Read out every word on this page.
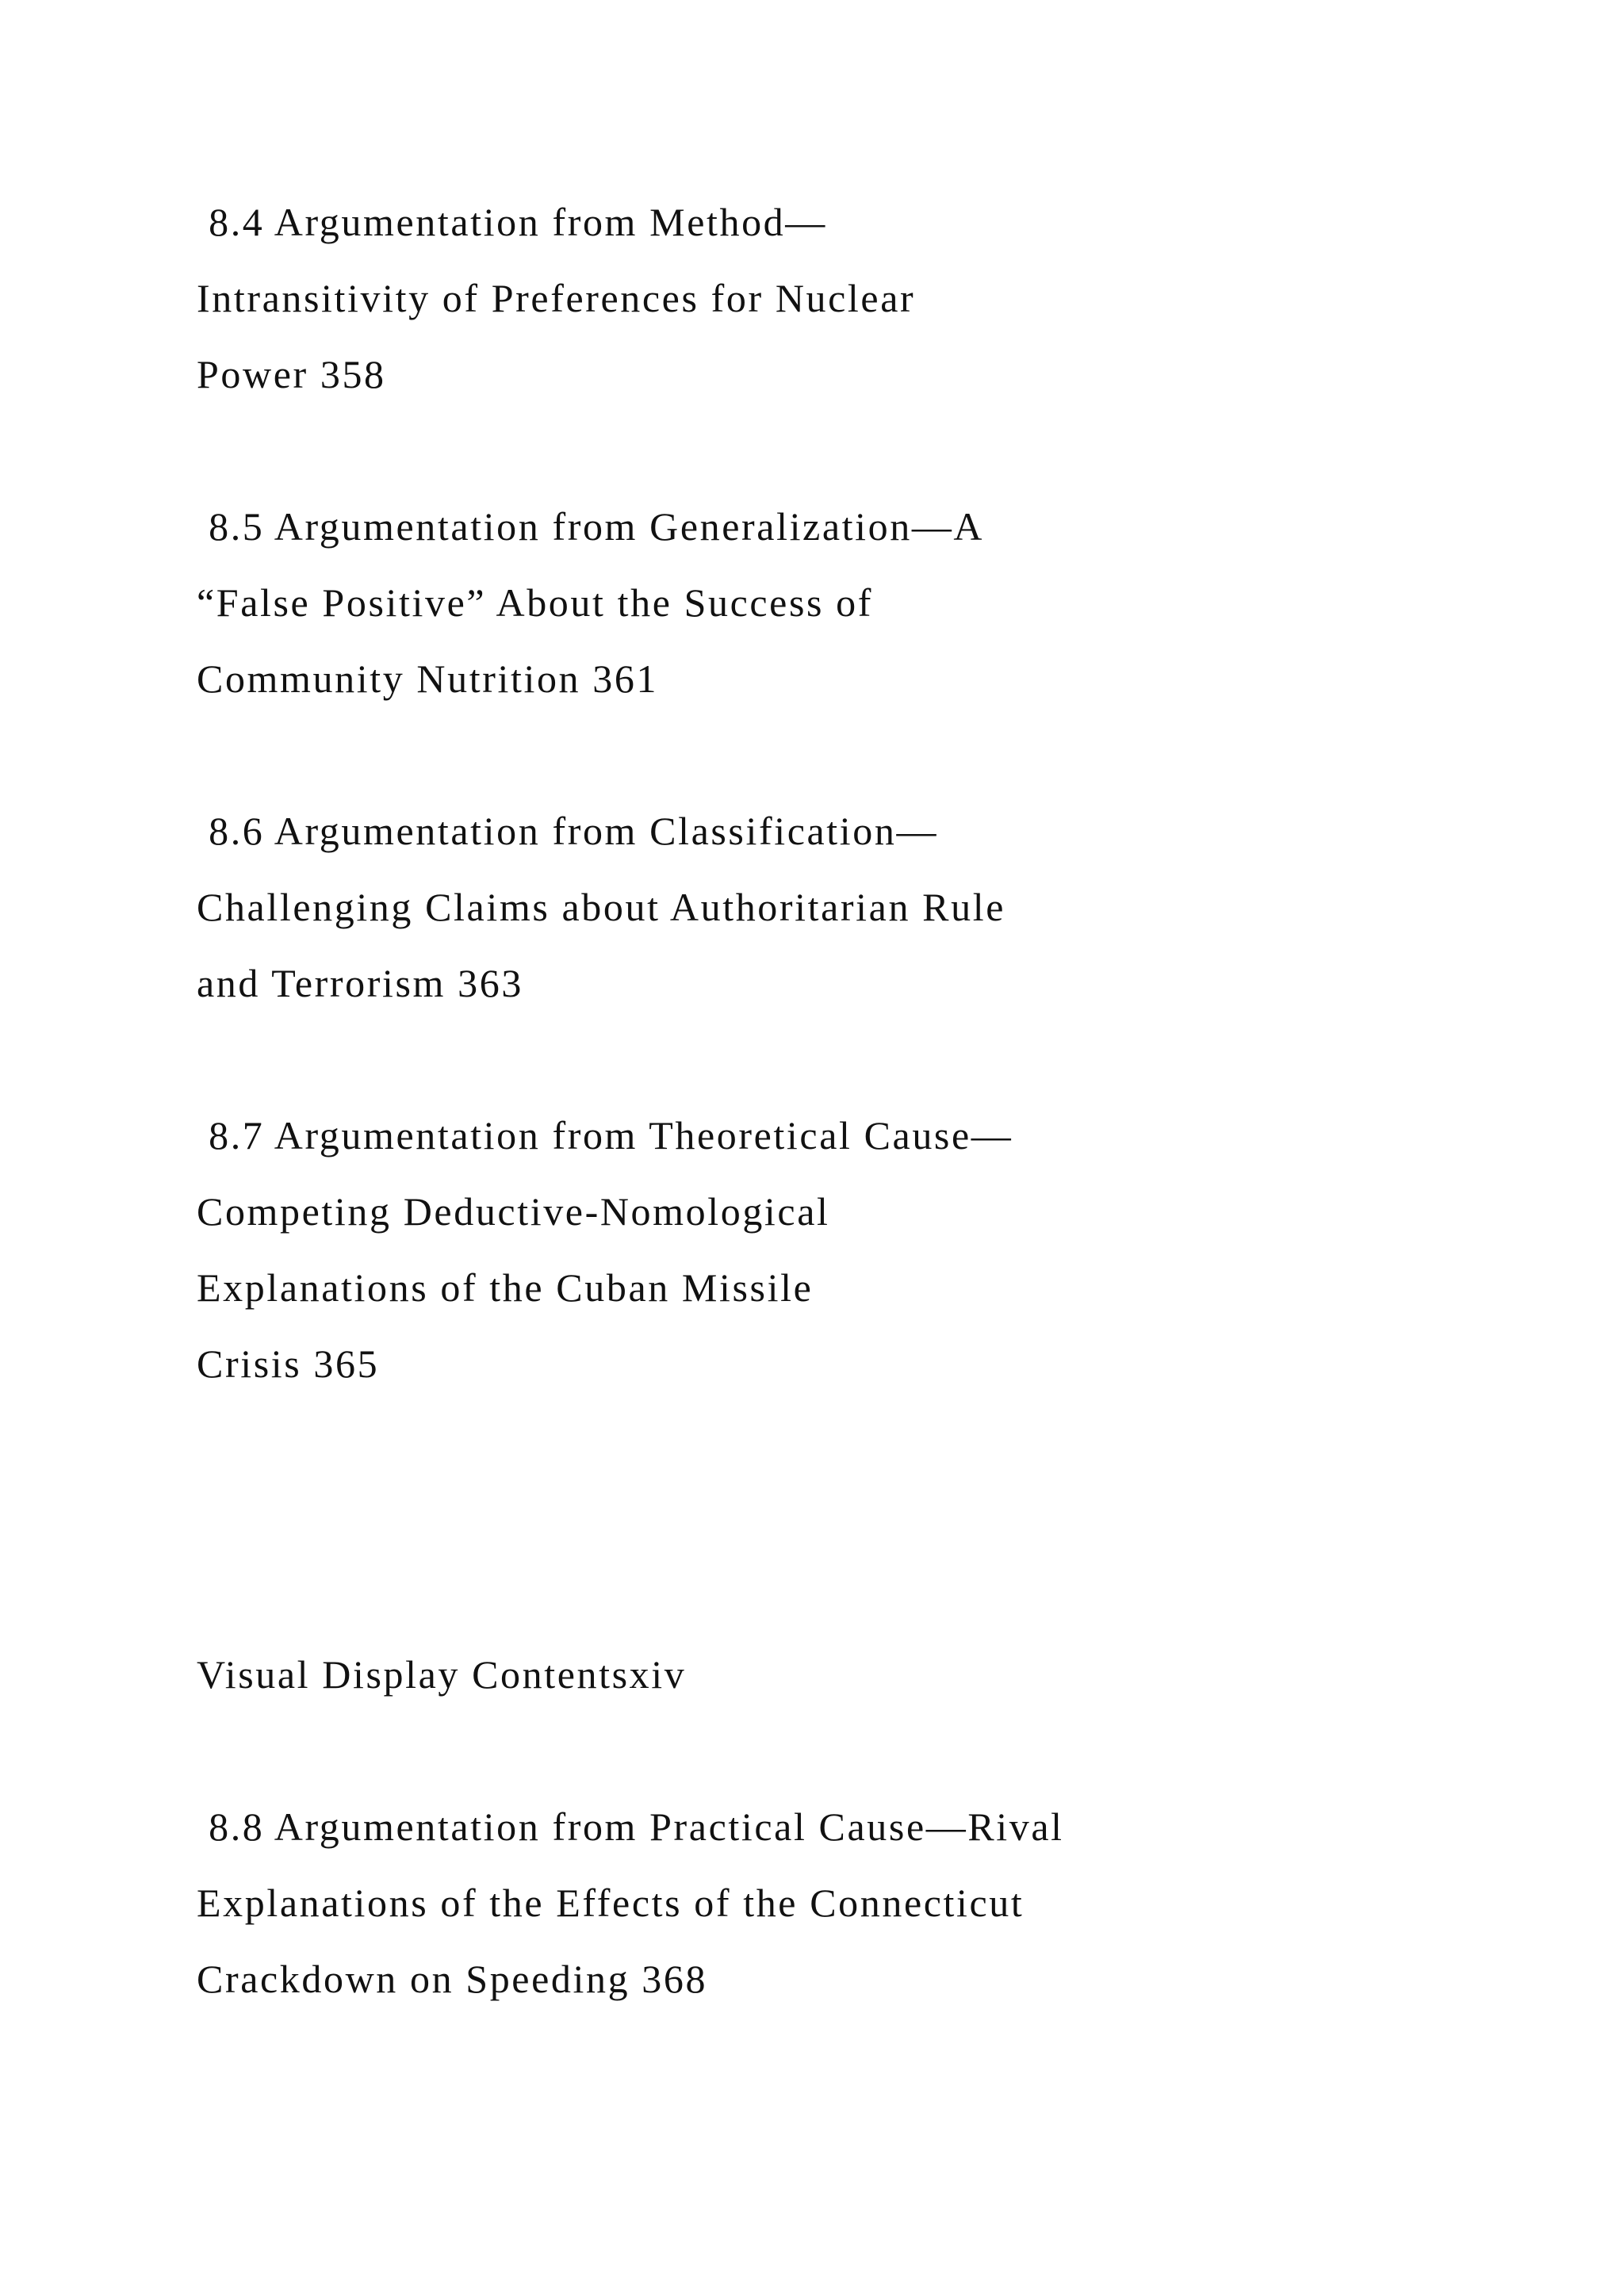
8.4 Argumentation from Method—

Intransitivity of Preferences for Nuclear

Power 358

8.5 Argumentation from Generalization—A

“False Positive” About the Success of

Community Nutrition 361

8.6 Argumentation from Classification—

Challenging Claims about Authoritarian Rule

and Terrorism 363

8.7 Argumentation from Theoretical Cause—

Competing Deductive-Nomological

Explanations of the Cuban Missile

Crisis 365

Visual Display Contentsxiv

8.8 Argumentation from Practical Cause—Rival

Explanations of the Effects of the Connecticut

Crackdown on Speeding 368
